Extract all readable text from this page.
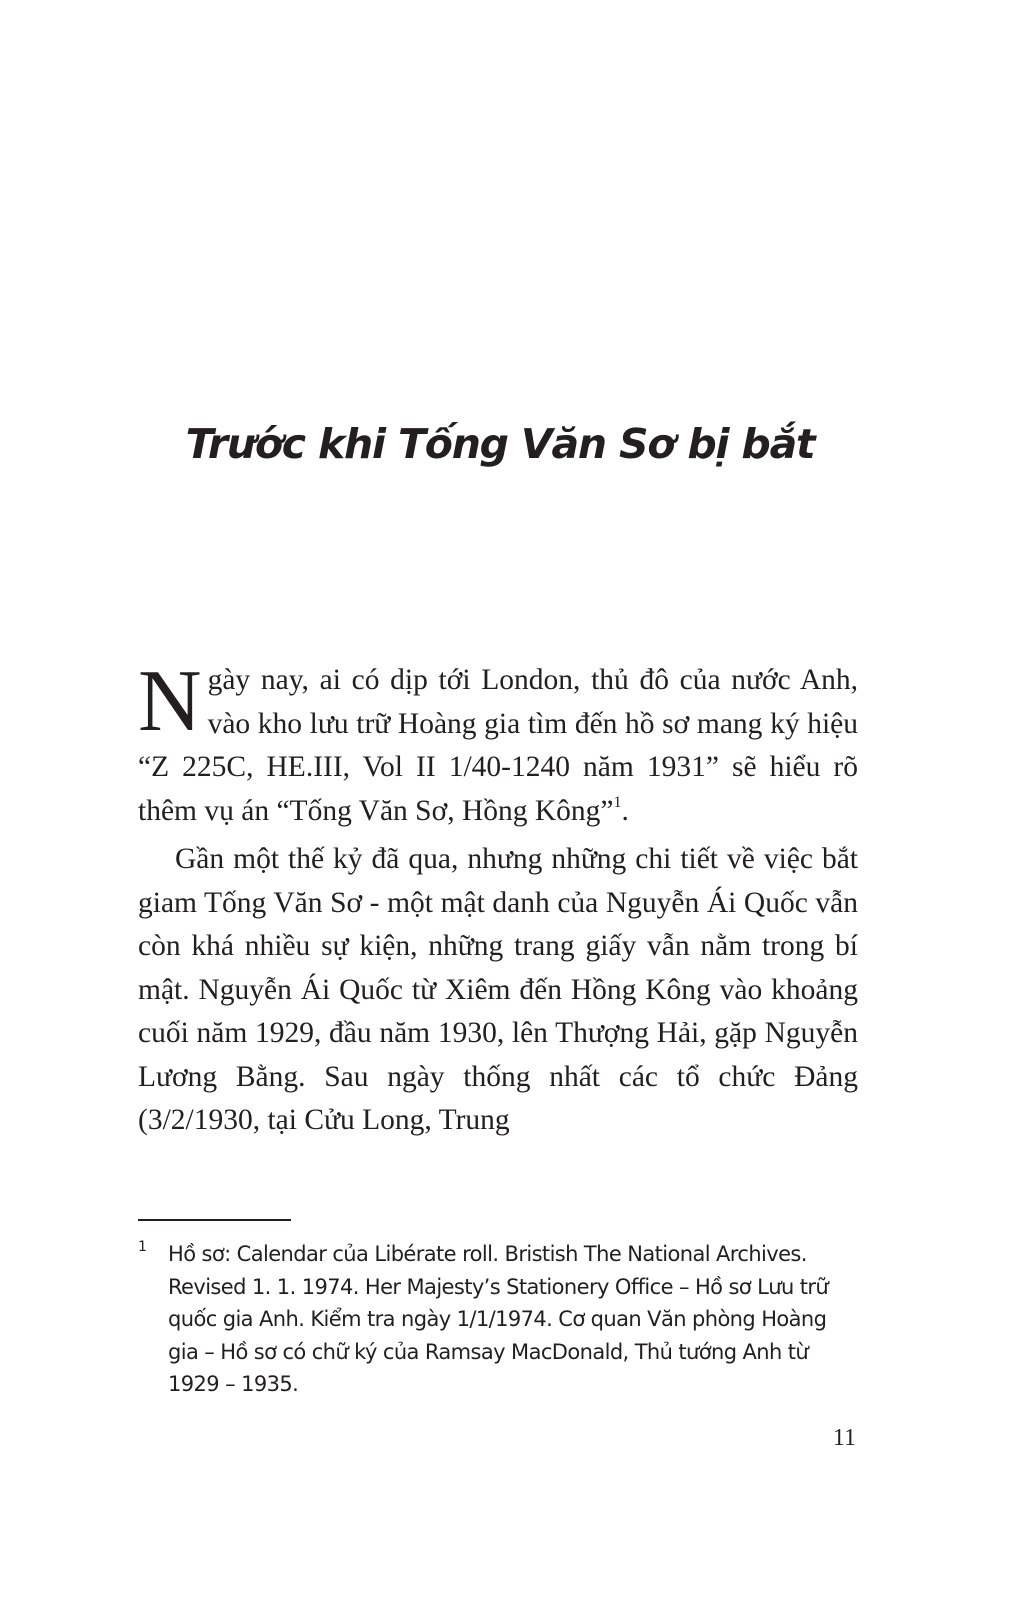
Trước khi Tống Văn Sơ bị bắt

Ngày nay, ai có dịp tới London, thủ đô của nước Anh, vào kho lưu trữ Hoàng gia tìm đến hồ sơ mang ký hiệu “Z 225C, HE.III, Vol II 1/40-1240 năm 1931” sẽ hiểu rõ thêm vụ án “Tống Văn Sơ, Hồng Kông”$^1$.

Gần một thế kỷ đã qua, nhưng những chi tiết về việc bắt giam Tống Văn Sơ - một mật danh của Nguyễn Ái Quốc vẫn còn khá nhiều sự kiện, những trang giấy vẫn nằm trong bí mật. Nguyễn Ái Quốc từ Xiêm đến Hồng Kông vào khoảng cuối năm 1929, đầu năm 1930, lên Thượng Hải, gặp Nguyễn Lương Bằng. Sau ngày thống nhất các tổ chức Đảng (3/2/1930, tại Cửu Long, Trung

1 Hồ sơ: Calendar của Libérate roll. Bristish The National Archives. Revised 1. 1. 1974. Her Majesty’s Stationery Office – Hồ sơ Lưu trữ quốc gia Anh. Kiểm tra ngày 1/1/1974. Cơ quan Văn phòng Hoàng gia – Hồ sơ có chữ ký của Ramsay MacDonald, Thủ tướng Anh từ 1929 – 1935.
11
